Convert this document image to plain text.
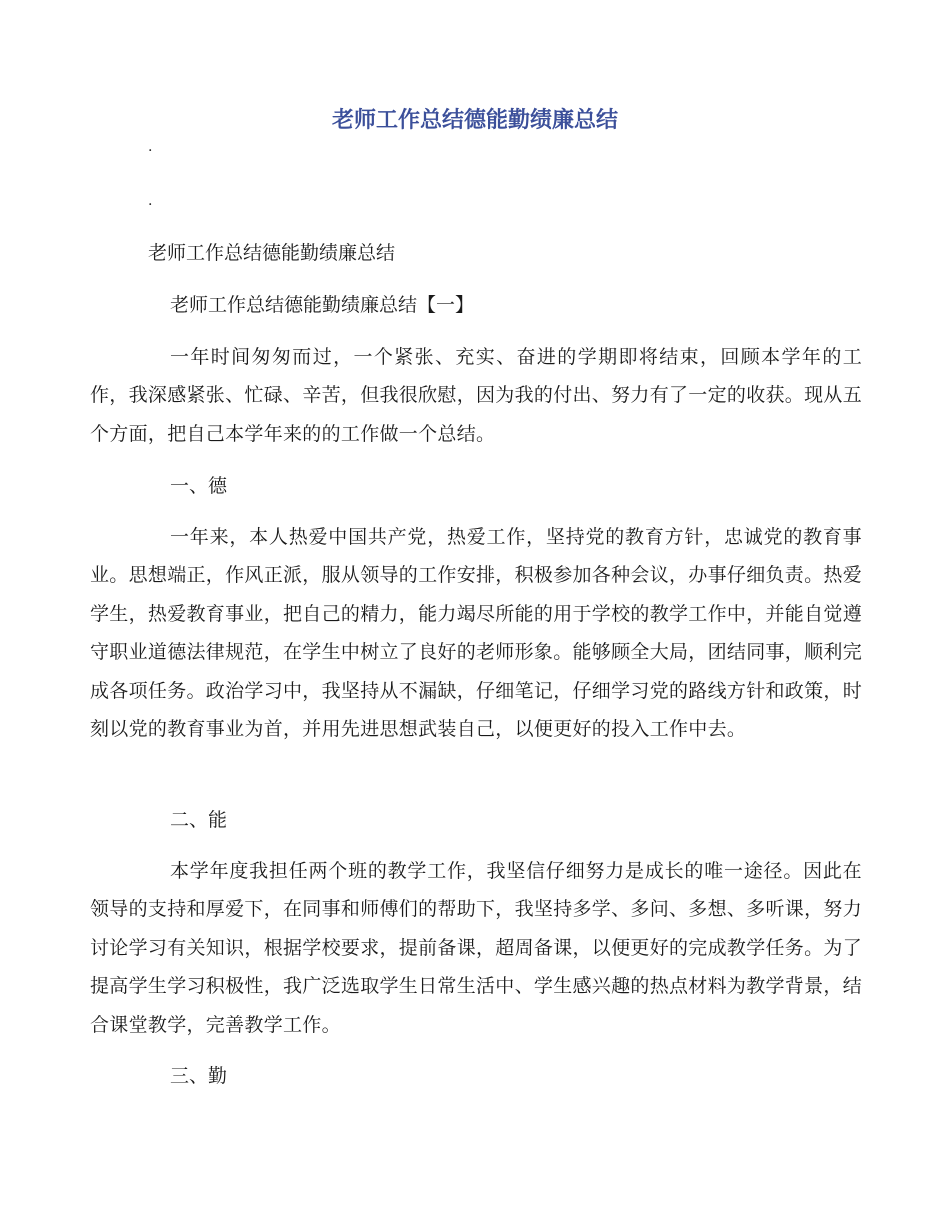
老师工作总结德能勤绩廉总结
.
.

老师工作总结德能勤绩廉总结

老师工作总结德能勤绩廉总结【一】

一年时间匆匆而过，一个紧张、充实、奋进的学期即将结束，回顾本学年的工作，我深感紧张、忙碌、辛苦，但我很欣慰，因为我的付出、努力有了一定的收获。现从五个方面，把自己本学年来的的工作做一个总结。

一、德

一年来，本人热爱中国共产党，热爱工作，坚持党的教育方针，忠诚党的教育事业。思想端正，作风正派，服从领导的工作安排，积极参加各种会议，办事仔细负责。热爱学生，热爱教育事业，把自己的精力，能力竭尽所能的用于学校的教学工作中，并能自觉遵守职业道德法律规范，在学生中树立了良好的老师形象。能够顾全大局，团结同事，顺利完成各项任务。政治学习中，我坚持从不漏缺，仔细笔记，仔细学习党的路线方针和政策，时刻以党的教育事业为首，并用先进思想武装自己，以便更好的投入工作中去。

二、能

本学年度我担任两个班的教学工作，我坚信仔细努力是成长的唯一途径。因此在领导的支持和厚爱下，在同事和师傅们的帮助下，我坚持多学、多问、多想、多听课，努力讨论学习有关知识，根据学校要求，提前备课，超周备课，以便更好的完成教学任务。为了提高学生学习积极性，我广泛选取学生日常生活中、学生感兴趣的热点材料为教学背景，结合课堂教学，完善教学工作。

三、勤
